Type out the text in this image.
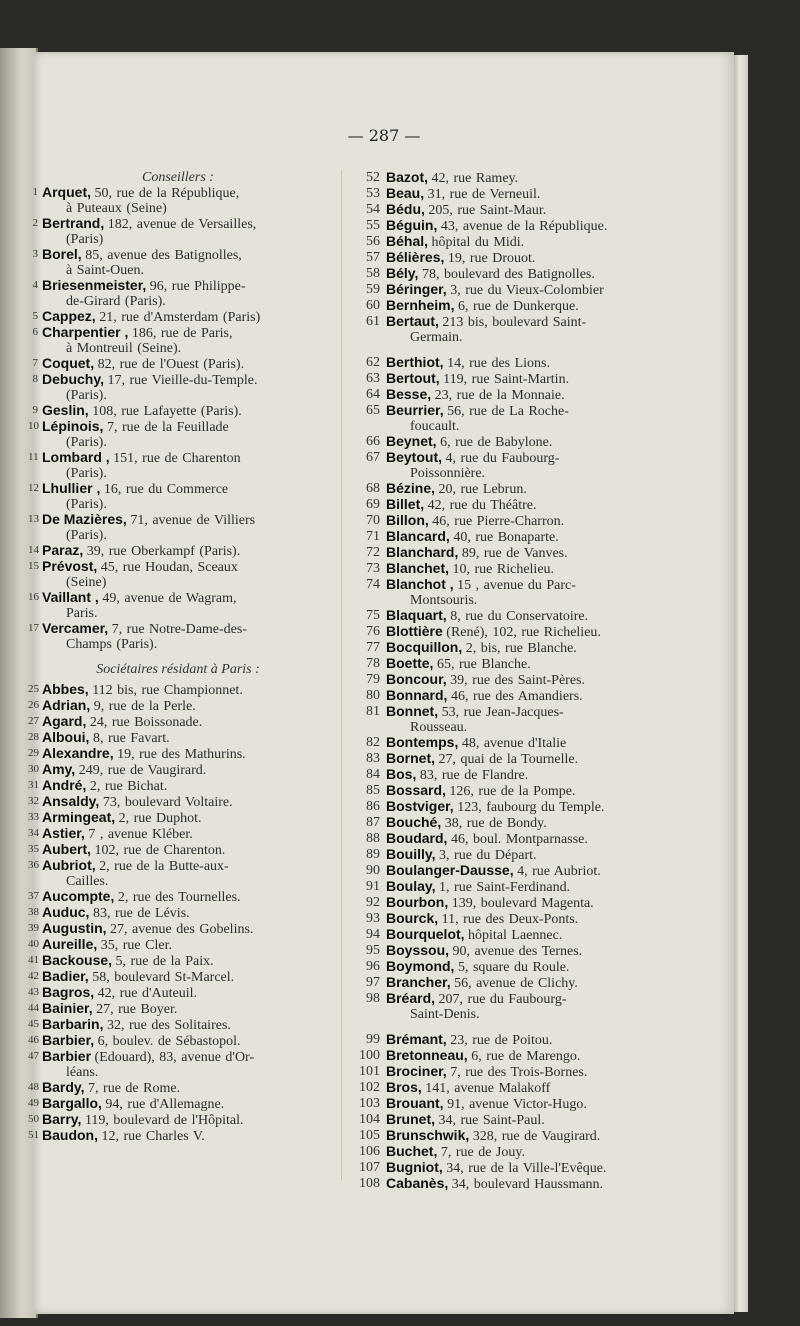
— 287 —

Conseillers :

1 Arquet, 50, rue de la République,
à Puteaux (Seine)
2 Bertrand, 182, avenue de Versailles,
(Paris)
3 Borel, 85, avenue des Batignolles,
à Saint-Ouen.
4 Briesenmeister, 96, rue Philippe-
de-Girard (Paris).
5 Cappez, 21, rue d'Amsterdam (Paris)
6 Charpentier , 186, rue de Paris,
à Montreuil (Seine).
7 Coquet, 82, rue de l'Ouest (Paris).
8 Debuchy, 17, rue Vieille-du-Temple.
(Paris).
9 Geslin, 108, rue Lafayette (Paris).
10 Lépinois, 7, rue de la Feuillade
(Paris).
11 Lombard , 151, rue de Charenton
(Paris).
12 Lhullier , 16, rue du Commerce
(Paris).
13 De Mazières, 71, avenue de Villiers
(Paris).
14 Paraz, 39, rue Oberkampf (Paris).
15 Prévost, 45, rue Houdan, Sceaux
(Seine)
16 Vaillant , 49, avenue de Wagram,
Paris.
17 Vercamer, 7, rue Notre-Dame-des-
Champs (Paris).

Sociétaires résidant à Paris :

25 Abbes, 112 bis, rue Championnet.
26 Adrian, 9, rue de la Perle.
27 Agard, 24, rue Boissonade.
28 Alboui, 8, rue Favart.
29 Alexandre, 19, rue des Mathurins.
30 Amy, 249, rue de Vaugirard.
31 André, 2, rue Bichat.
32 Ansaldy, 73, boulevard Voltaire.
33 Armingeat, 2, rue Duphot.
34 Astier, 7 , avenue Kléber.
35 Aubert, 102, rue de Charenton.
36 Aubriot, 2, rue de la Butte-aux-
Cailles.
37 Aucompte, 2, rue des Tournelles.
38 Auduc, 83, rue de Lévis.
39 Augustin, 27, avenue des Gobelins.
40 Aureille, 35, rue Cler.
41 Backouse, 5, rue de la Paix.
42 Badier, 58, boulevard St-Marcel.
43 Bagros, 42, rue d'Auteuil.
44 Bainier, 27, rue Boyer.
45 Barbarin, 32, rue des Solitaires.
46 Barbier, 6, boulev. de Sébastopol.
47 Barbier (Edouard), 83, avenue d'Or-
léans.
48 Bardy, 7, rue de Rome.
49 Bargallo, 94, rue d'Allemagne.
50 Barry, 119, boulevard de l'Hôpital.
51 Baudon, 12, rue Charles V.
52 Bazot, 42, rue Ramey.
53 Beau, 31, rue de Verneuil.
54 Bédu, 205, rue Saint-Maur.
55 Béguin, 43, avenue de la République.
56 Béhal, hôpital du Midi.
57 Bélières, 19, rue Drouot.
58 Bély, 78, boulevard des Batignolles.
59 Béringer, 3, rue du Vieux-Colombier
60 Bernheim, 6, rue de Dunkerque.
61 Bertaut, 213 bis, boulevard Saint-
Germain.
62 Berthiot, 14, rue des Lions.
63 Bertout, 119, rue Saint-Martin.
64 Besse, 23, rue de la Monnaie.
65 Beurrier, 56, rue de La Roche-
foucault.
66 Beynet, 6, rue de Babylone.
67 Beytout, 4, rue du Faubourg-
Poissonnière.
68 Bézine, 20, rue Lebrun.
69 Billet, 42, rue du Théâtre.
70 Billon, 46, rue Pierre-Charron.
71 Blancard, 40, rue Bonaparte.
72 Blanchard, 89, rue de Vanves.
73 Blanchet, 10, rue Richelieu.
74 Blanchot , 15 , avenue du Parc-
Montsouris.
75 Blaquart, 8, rue du Conservatoire.
76 Blottière (René), 102, rue Richelieu.
77 Bocquillon, 2, bis, rue Blanche.
78 Boette, 65, rue Blanche.
79 Boncour, 39, rue des Saint-Pères.
80 Bonnard, 46, rue des Amandiers.
81 Bonnet, 53, rue Jean-Jacques-
Rousseau.
82 Bontemps, 48, avenue d'Italie
83 Bornet, 27, quai de la Tournelle.
84 Bos, 83, rue de Flandre.
85 Bossard, 126, rue de la Pompe.
86 Bostviger, 123, faubourg du Temple.
87 Bouché, 38, rue de Bondy.
88 Boudard, 46, boul. Montparnasse.
89 Bouilly, 3, rue du Départ.
90 Boulanger-Dausse, 4, rue Aubriot.
91 Boulay, 1, rue Saint-Ferdinand.
92 Bourbon, 139, boulevard Magenta.
93 Bourck, 11, rue des Deux-Ponts.
94 Bourquelot, hôpital Laennec.
95 Boyssou, 90, avenue des Ternes.
96 Boymond, 5, square du Roule.
97 Brancher, 56, avenue de Clichy.
98 Bréard, 207, rue du Faubourg-
Saint-Denis.
99 Brémant, 23, rue de Poitou.
100 Bretonneau, 6, rue de Marengo.
101 Brociner, 7, rue des Trois-Bornes.
102 Bros, 141, avenue Malakoff
103 Brouant, 91, avenue Victor-Hugo.
104 Brunet, 34, rue Saint-Paul.
105 Brunschwik, 328, rue de Vaugirard.
106 Buchet, 7, rue de Jouy.
107 Bugniot, 34, rue de la Ville-l'Evêque.
108 Cabanès, 34, boulevard Haussmann.
